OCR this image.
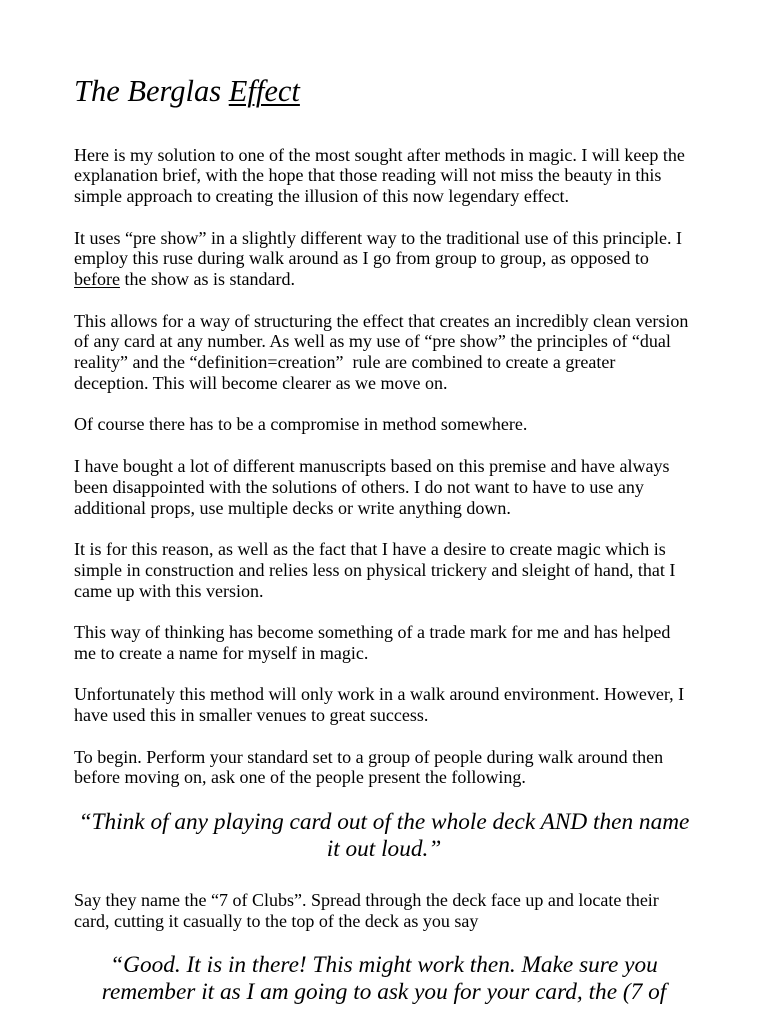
The Berglas Effect

Here is my solution to one of the most sought after methods in magic. I will keep the
explanation brief, with the hope that those reading will not miss the beauty in this
simple approach to creating the illusion of this now legendary effect.

It uses “pre show” in a slightly different way to the traditional use of this principle. I
employ this ruse during walk around as I go from group to group, as opposed to
before the show as is standard.

This allows for a way of structuring the effect that creates an incredibly clean version
of any card at any number. As well as my use of “pre show” the principles of “dual
reality” and the “definition=creation”  rule are combined to create a greater
deception. This will become clearer as we move on.

Of course there has to be a compromise in method somewhere.

I have bought a lot of different manuscripts based on this premise and have always
been disappointed with the solutions of others. I do not want to have to use any
additional props, use multiple decks or write anything down.

It is for this reason, as well as the fact that I have a desire to create magic which is
simple in construction and relies less on physical trickery and sleight of hand, that I
came up with this version.

This way of thinking has become something of a trade mark for me and has helped
me to create a name for myself in magic.

Unfortunately this method will only work in a walk around environment. However, I
have used this in smaller venues to great success.

To begin. Perform your standard set to a group of people during walk around then
before moving on, ask one of the people present the following.

“Think of any playing card out of the whole deck AND then name
it out loud.”

Say they name the “7 of Clubs”. Spread through the deck face up and locate their
card, cutting it casually to the top of the deck as you say

“Good. It is in there! This might work then. Make sure you
remember it as I am going to ask you for your card, the (7 of
